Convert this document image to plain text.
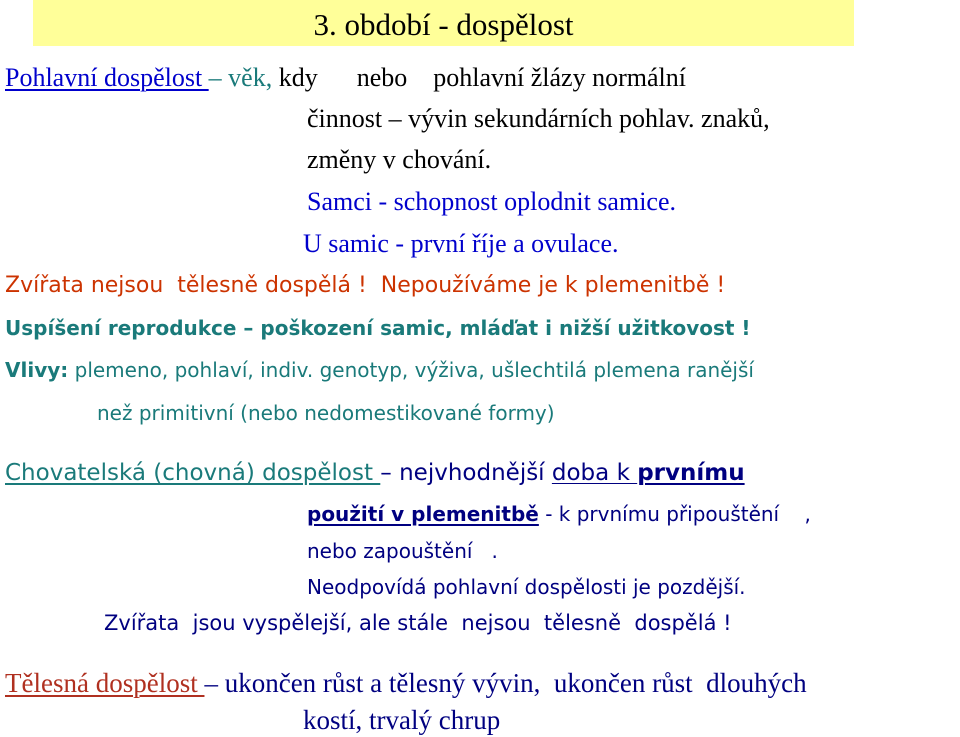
3. období - dospělost
Pohlavní dospělost – věk, kdy      nebo    pohlavní žlázy normální
činnost – vývin sekundárních pohlav. znaků,
změny v chování.
Samci - schopnost oplodnit samice.
U samic - první říje a ovulace.
Zvířata nejsou  tělesně dospělá !  Nepoužíváme je k plemenitbě !
Uspíšení reprodukce – poškození samic, mláďat i nižší užitkovost !
Vlivy: plemeno, pohlaví, indiv. genotyp, výživa, ušlechtilá plemena ranější
než primitivní (nebo nedomestikované formy)
Chovatelská (chovná) dospělost – nejvhodnější doba k prvnímu
použití v plemenitbě - k prvnímu připouštění    ,
nebo zapouštění   .
Neodpovídá pohlavní dospělosti je pozdější.
Zvířata  jsou vyspělejší, ale stále  nejsou  tělesně  dospělá !
Tělesná dospělost – ukončen růst a tělesný vývin,  ukončen růst  dlouhých
kostí, trvalý chrup
